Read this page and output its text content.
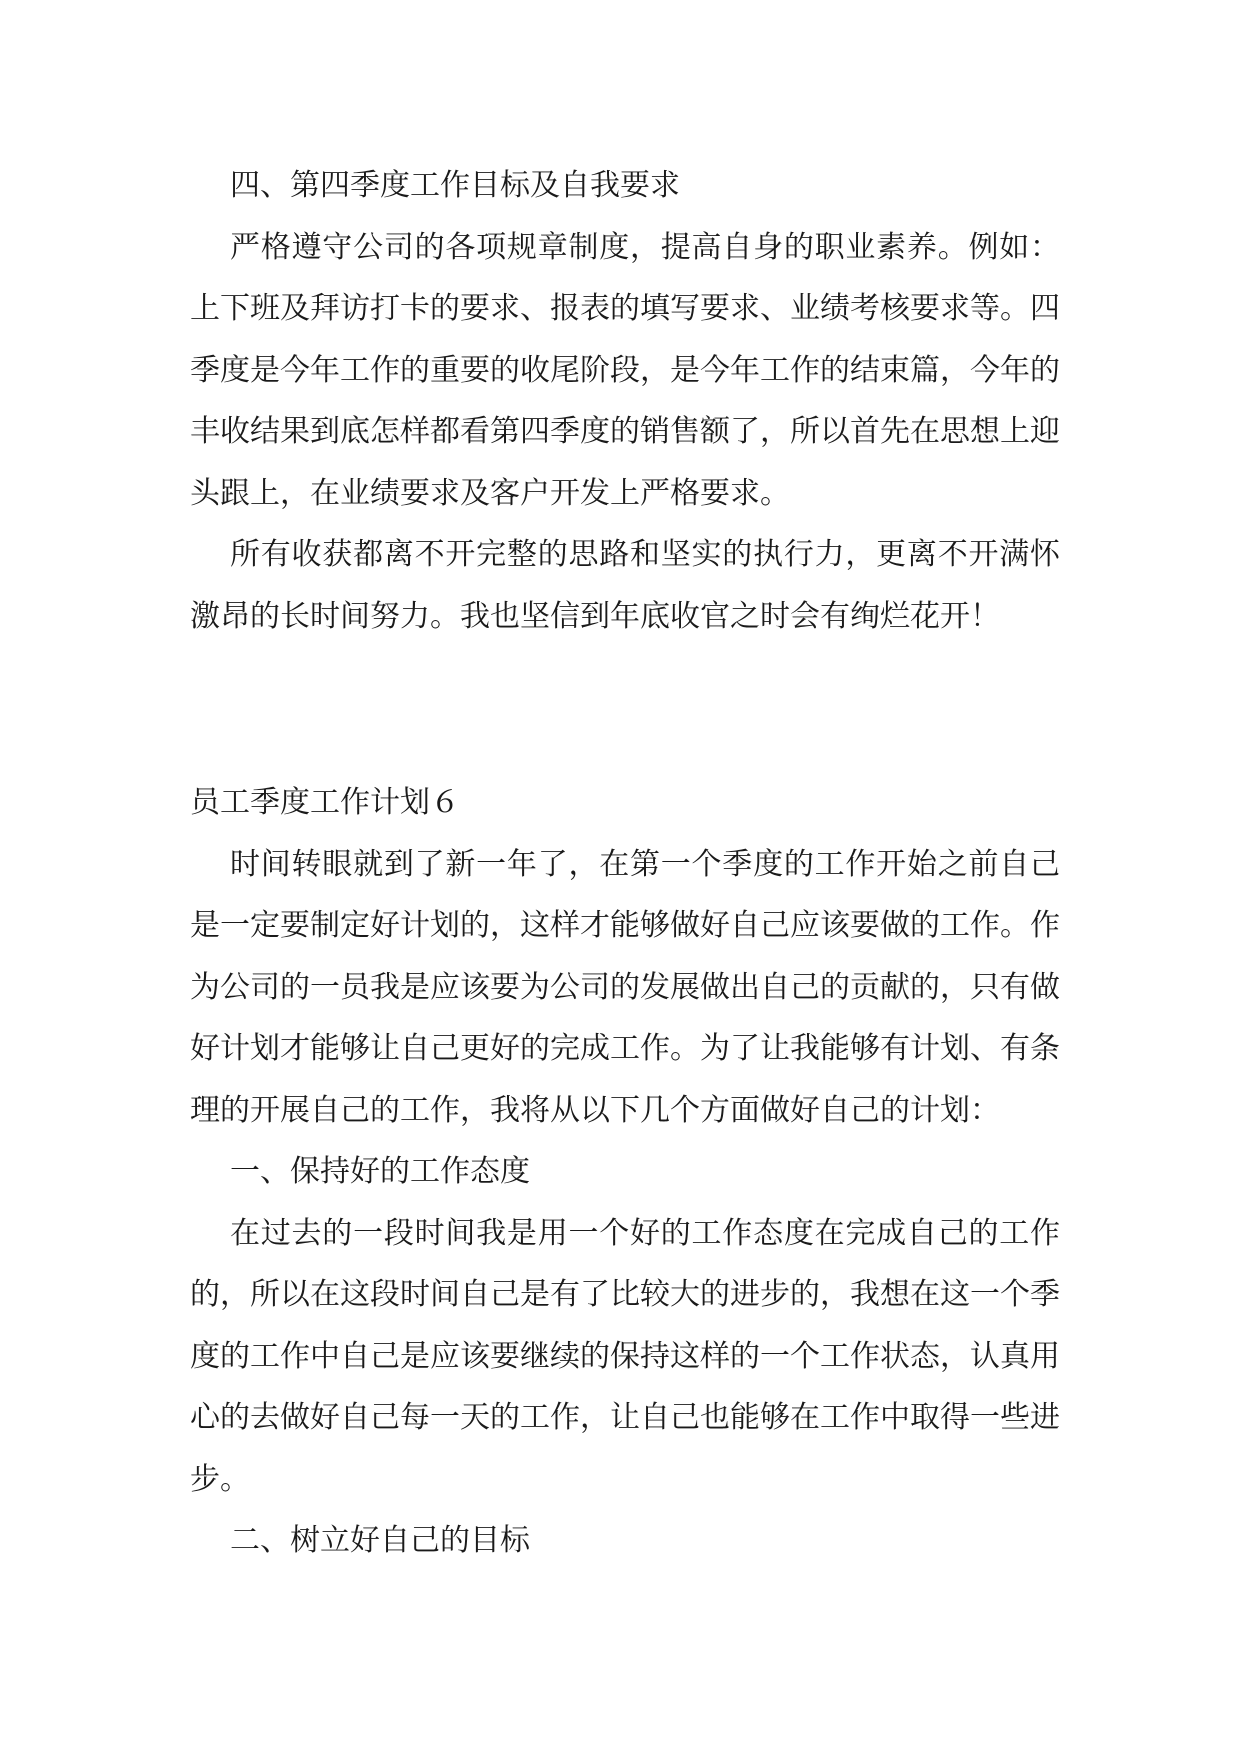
四、第四季度工作目标及自我要求

严格遵守公司的各项规章制度，提高自身的职业素养。例如：上下班及拜访打卡的要求、报表的填写要求、业绩考核要求等。四季度是今年工作的重要的收尾阶段，是今年工作的结束篇，今年的丰收结果到底怎样都看第四季度的销售额了，所以首先在思想上迎头跟上，在业绩要求及客户开发上严格要求。

所有收获都离不开完整的思路和坚实的执行力，更离不开满怀激昂的长时间努力。我也坚信到年底收官之时会有绚烂花开！

员工季度工作计划６

时间转眼就到了新一年了，在第一个季度的工作开始之前自己是一定要制定好计划的，这样才能够做好自己应该要做的工作。作为公司的一员我是应该要为公司的发展做出自己的贡献的，只有做好计划才能够让自己更好的完成工作。为了让我能够有计划、有条理的开展自己的工作，我将从以下几个方面做好自己的计划：

一、保持好的工作态度

在过去的一段时间我是用一个好的工作态度在完成自己的工作的，所以在这段时间自己是有了比较大的进步的，我想在这一个季度的工作中自己是应该要继续的保持这样的一个工作状态，认真用心的去做好自己每一天的工作，让自己也能够在工作中取得一些进步。

二、树立好自己的目标
